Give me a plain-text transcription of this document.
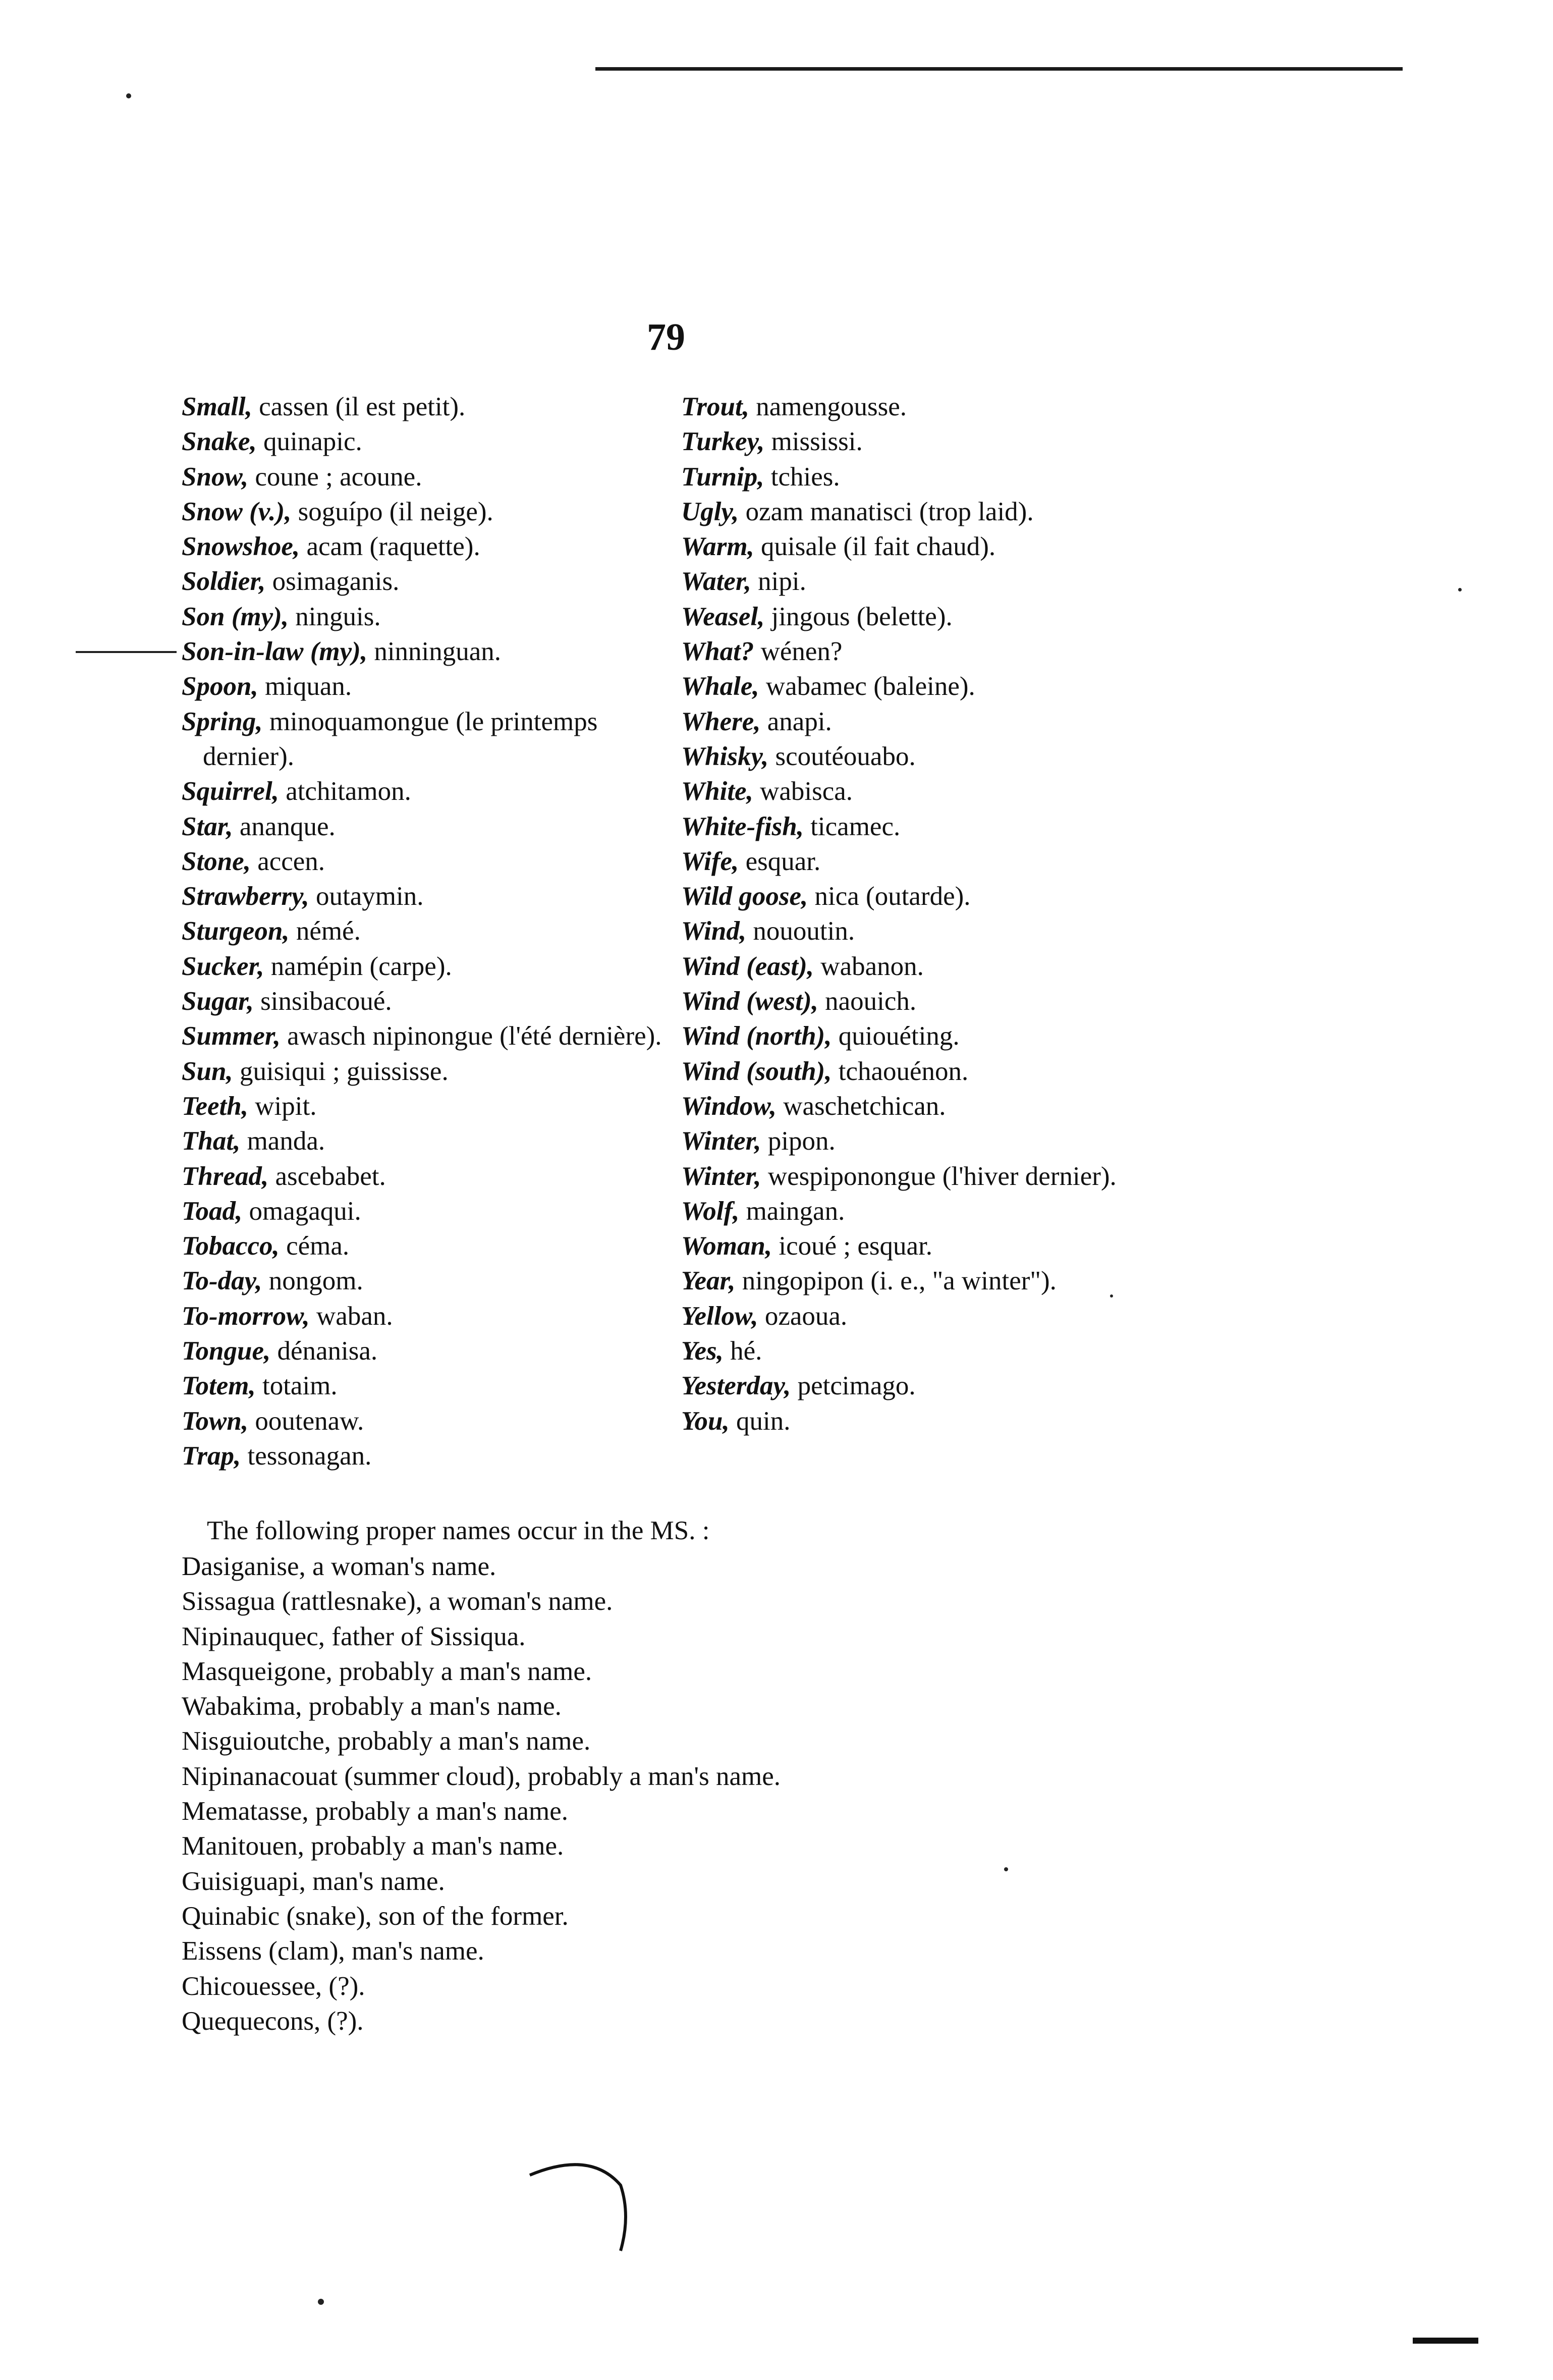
79

Small, cassen (il est petit).

Snake, quinapic.

Snow, coune ; acoune.

Snow (v.), soguípo (il neige).

Snowshoe, acam (raquette).

Soldier, osimaganis.

Son (my), ninguis.

Son-in-law (my), ninninguan.

Spoon, miquan.

Spring, minoquamongue (le printemps dernier).

Squirrel, atchitamon.

Star, ananque.

Stone, accen.

Strawberry, outaymin.

Sturgeon, némé.

Sucker, namépin (carpe).

Sugar, sinsibacoué.

Summer, awasch nipinongue (l'été dernière).

Sun, guisiqui ; guississe.

Teeth, wipit.

That, manda.

Thread, ascebabet.

Toad, omagaqui.

Tobacco, céma.

To-day, nongom.

To-morrow, waban.

Tongue, dénanisa.

Totem, totaim.

Town, ooutenaw.

Trap, tessonagan.

Trout, namengousse.

Turkey, mississi.

Turnip, tchies.

Ugly, ozam manatisci (trop laid).

Warm, quisale (il fait chaud).

Water, nipi.

Weasel, jingous (belette).

What? wénen?

Whale, wabamec (baleine).

Where, anapi.

Whisky, scoutéouabo.

White, wabisca.

White-fish, ticamec.

Wife, esquar.

Wild goose, nica (outarde).

Wind, nououtin.

Wind (east), wabanon.

Wind (west), naouich.

Wind (north), quiouéting.

Wind (south), tchaouénon.

Window, waschetchican.

Winter, pipon.

Winter, wespiponongue (l'hiver dernier).

Wolf, maingan.

Woman, icoué ; esquar.

Year, ningopipon (i. e., "a winter").

Yellow, ozaoua.

Yes, hé.

Yesterday, petcimago.

You, quin.

The following proper names occur in the MS. :

Dasiganise, a woman's name.

Sissagua (rattlesnake), a woman's name.

Nipinauquec, father of Sissiqua.

Masqueigone, probably a man's name.

Wabakima, probably a man's name.

Nisguioutche, probably a man's name.

Nipinanacouat (summer cloud), probably a man's name.

Mematasse, probably a man's name.

Manitouen, probably a man's name.

Guisiguapi, man's name.

Quinabic (snake), son of the former.

Eissens (clam), man's name.

Chicouessee, (?).

Quequecons, (?).
